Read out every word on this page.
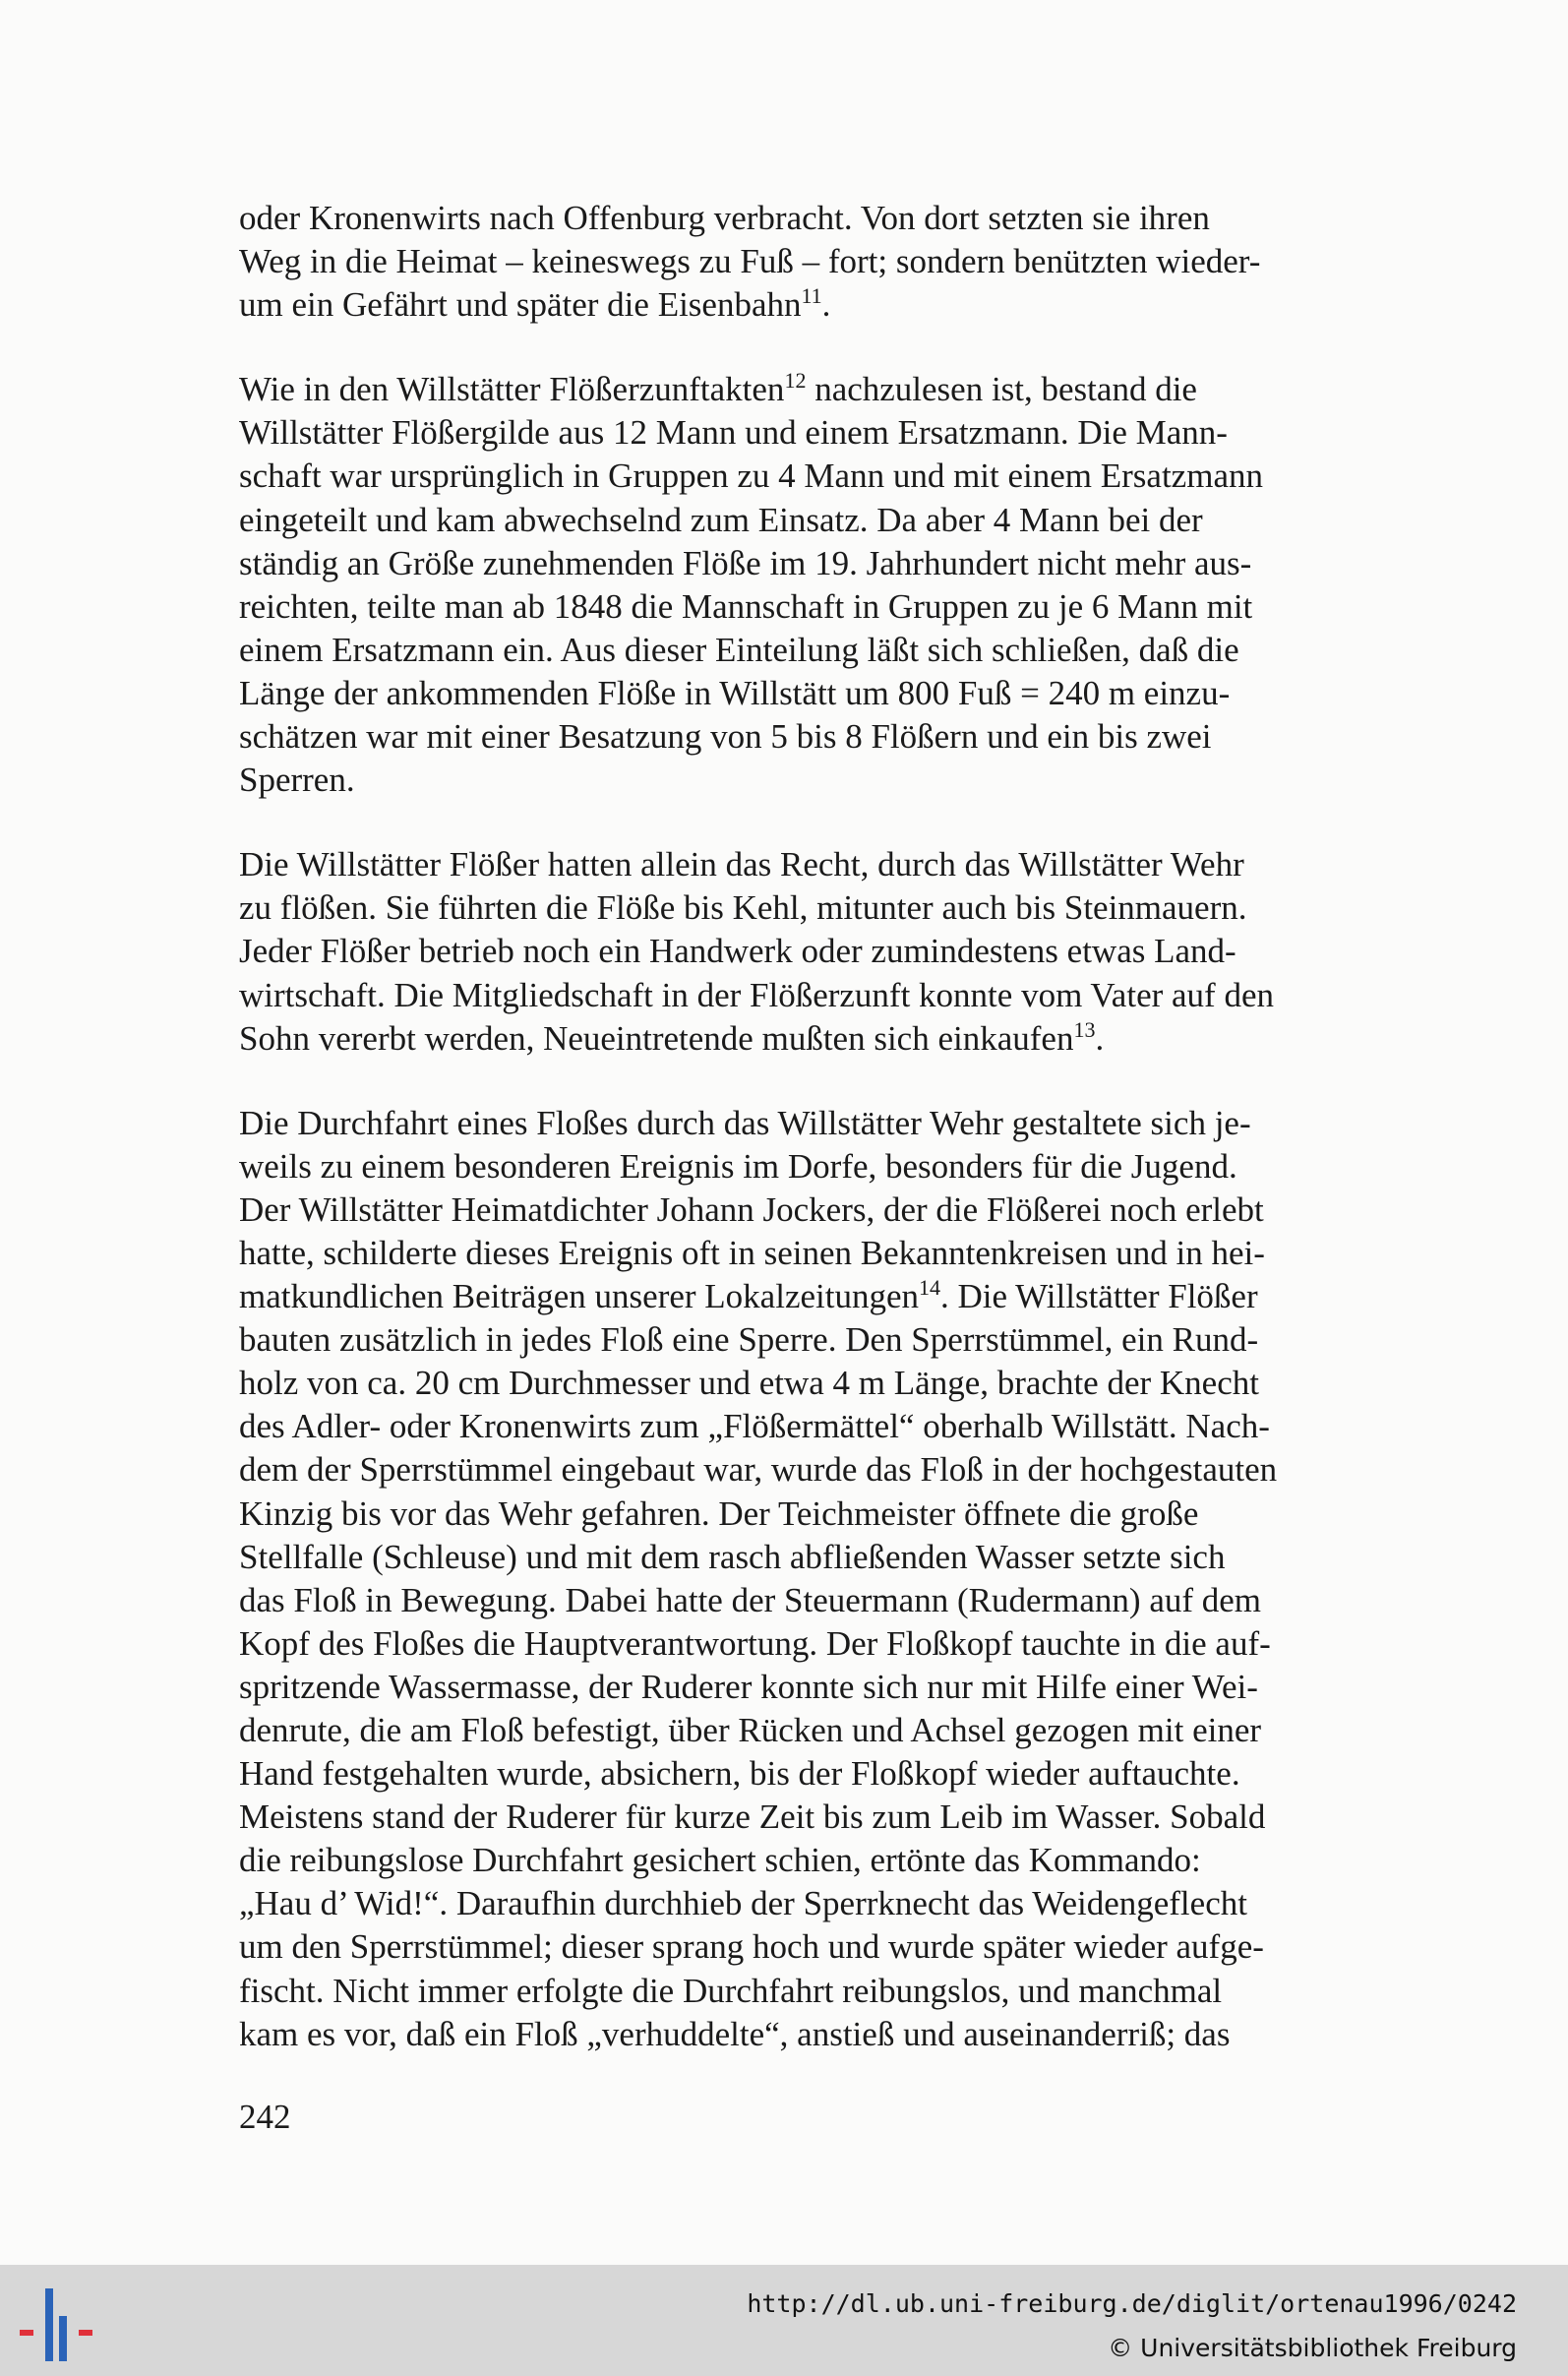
oder Kronenwirts nach Offenburg verbracht. Von dort setzten sie ihren
Weg in die Heimat – keineswegs zu Fuß – fort; sondern benützten wieder-
um ein Gefährt und später die Eisenbahn$^{11}$.

Wie in den Willstätter Flößerzunftakten$^{12}$ nachzulesen ist, bestand die
Willstätter Flößergilde aus 12 Mann und einem Ersatzmann. Die Mann-
schaft war ursprünglich in Gruppen zu 4 Mann und mit einem Ersatzmann
eingeteilt und kam abwechselnd zum Einsatz. Da aber 4 Mann bei der
ständig an Größe zunehmenden Flöße im 19. Jahrhundert nicht mehr aus-
reichten, teilte man ab 1848 die Mannschaft in Gruppen zu je 6 Mann mit
einem Ersatzmann ein. Aus dieser Einteilung läßt sich schließen, daß die
Länge der ankommenden Flöße in Willstätt um 800 Fuß = 240 m einzu-
schätzen war mit einer Besatzung von 5 bis 8 Flößern und ein bis zwei
Sperren.

Die Willstätter Flößer hatten allein das Recht, durch das Willstätter Wehr
zu flößen. Sie führten die Flöße bis Kehl, mitunter auch bis Steinmauern.
Jeder Flößer betrieb noch ein Handwerk oder zumindestens etwas Land-
wirtschaft. Die Mitgliedschaft in der Flößerzunft konnte vom Vater auf den
Sohn vererbt werden, Neueintretende mußten sich einkaufen$^{13}$.

Die Durchfahrt eines Floßes durch das Willstätter Wehr gestaltete sich je-
weils zu einem besonderen Ereignis im Dorfe, besonders für die Jugend.
Der Willstätter Heimatdichter Johann Jockers, der die Flößerei noch erlebt
hatte, schilderte dieses Ereignis oft in seinen Bekanntenkreisen und in hei-
matkundlichen Beiträgen unserer Lokalzeitungen$^{14}$. Die Willstätter Flößer
bauten zusätzlich in jedes Floß eine Sperre. Den Sperrstümmel, ein Rund-
holz von ca. 20 cm Durchmesser und etwa 4 m Länge, brachte der Knecht
des Adler- oder Kronenwirts zum „Flößermättel“ oberhalb Willstätt. Nach-
dem der Sperrstümmel eingebaut war, wurde das Floß in der hochgestauten
Kinzig bis vor das Wehr gefahren. Der Teichmeister öffnete die große
Stellfalle (Schleuse) und mit dem rasch abfließenden Wasser setzte sich
das Floß in Bewegung. Dabei hatte der Steuermann (Rudermann) auf dem
Kopf des Floßes die Hauptverantwortung. Der Floßkopf tauchte in die auf-
spritzende Wassermasse, der Ruderer konnte sich nur mit Hilfe einer Wei-
denrute, die am Floß befestigt, über Rücken und Achsel gezogen mit einer
Hand festgehalten wurde, absichern, bis der Floßkopf wieder auftauchte.
Meistens stand der Ruderer für kurze Zeit bis zum Leib im Wasser. Sobald
die reibungslose Durchfahrt gesichert schien, ertönte das Kommando:
„Hau d’ Wid!“. Daraufhin durchhieb der Sperrknecht das Weidengeflecht
um den Sperrstümmel; dieser sprang hoch und wurde später wieder aufge-
fischt. Nicht immer erfolgte die Durchfahrt reibungslos, und manchmal
kam es vor, daß ein Floß „verhuddelte“, anstieß und auseinanderriß; das

242
http://dl.ub.uni-freiburg.de/diglit/ortenau1996/0242
© Universitätsbibliothek Freiburg
